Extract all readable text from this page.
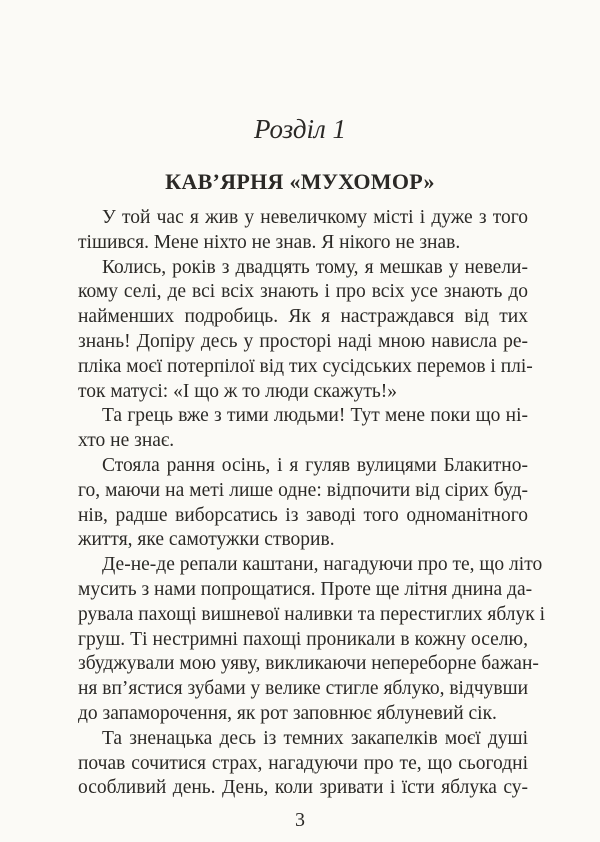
Розділ 1
КАВ’ЯРНЯ «МУХОМОР»
У той час я жив у невеличкому місті і дуже з того
тішився. Мене ніхто не знав. Я нікого не знав.
Колись, років з двадцять тому, я мешкав у невели-
кому селі, де всі всіх знають і про всіх усе знають до
найменших подробиць. Як я настраждався від тих
знань! Допіру десь у просторі наді мною нависла ре-
пліка моєї потерпілої від тих сусідських перемов і плі-
ток матусі: «І що ж то люди скажуть!»
Та грець вже з тими людьми! Тут мене поки що ні-
хто не знає.
Стояла рання осінь, і я гуляв вулицями Блакитно-
го, маючи на меті лише одне: відпочити від сірих буд-
нів, радше виборсатись із заводі того одноманітного
життя, яке самотужки створив.
Де-не-де репали каштани, нагадуючи про те, що літо
мусить з нами попрощатися. Проте ще літня днина да-
рувала пахощі вишневої наливки та перестиглих яблук і
груш. Ті нестримні пахощі проникали в кожну оселю,
збуджували мою уяву, викликаючи непереборне бажан-
ня вп’ястися зубами у велике стигле яблуко, відчувши
до запаморочення, як рот заповнює яблуневий сік.
Та зненацька десь із темних закапелків моєї душі
почав сочитися страх, нагадуючи про те, що сьогодні
особливий день. День, коли зривати і їсти яблука су-
3
